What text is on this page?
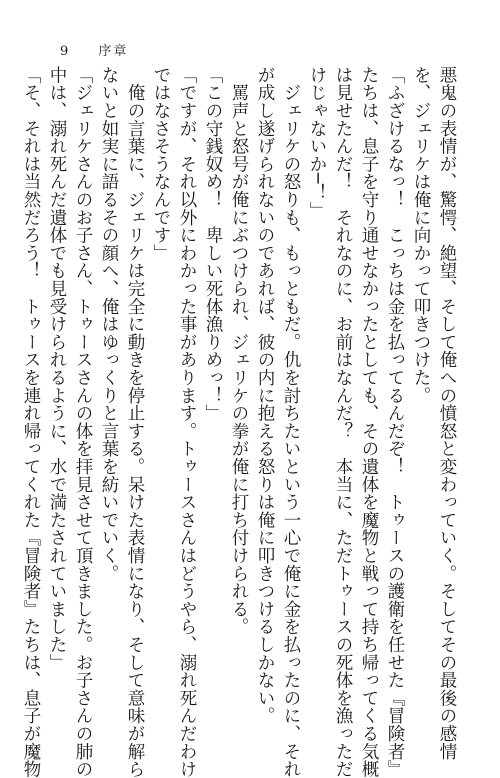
9 序章
悪鬼の表情が、驚愕、絶望、そして俺への憤怒と変わっていく。そしてその最後の感情
を、ジェリケは俺に向かって叩きつけた。
「ふざけるなっ！　こっちは金を払ってるんだぞ！　トゥースの護衛を任せた『冒険者』
たちは、息子を守り通せなかったとしても、その遺体を魔物と戦って持ち帰ってくる気概
は見せたんだ！　それなのに、お前はなんだ？　本当に、ただトゥースの死体を漁っただ
けじゃないか─！」
　ジェリケの怒りも、もっともだ。仇を討ちたいという一心で俺に金を払ったのに、それ
が成し遂げられないのであれば、彼の内に抱える怒りは俺に叩きつけるしかない。
　罵声と怒号が俺にぶつけられ、ジェリケの拳が俺に打ち付けられる。
「この守銭奴め！　卑しい死体漁りめっ！」
「ですが、それ以外にわかった事があります。トゥースさんはどうやら、溺れ死んだわけ
ではなさそうなんです」
　俺の言葉に、ジェリケは完全に動きを停止する。呆けた表情になり、そして意味が解ら
ないと如実に語るその顔へ、俺はゆっくりと言葉を紡いでいく。
「ジェリケさんのお子さん、トゥースさんの体を拝見させて頂きました。お子さんの肺の
中は、溺れ死んだ遺体でも見受けられるように、水で満たされていました」
「そ、それは当然だろう！　トゥースを連れ帰ってくれた『冒険者』たちは、息子が魔物
